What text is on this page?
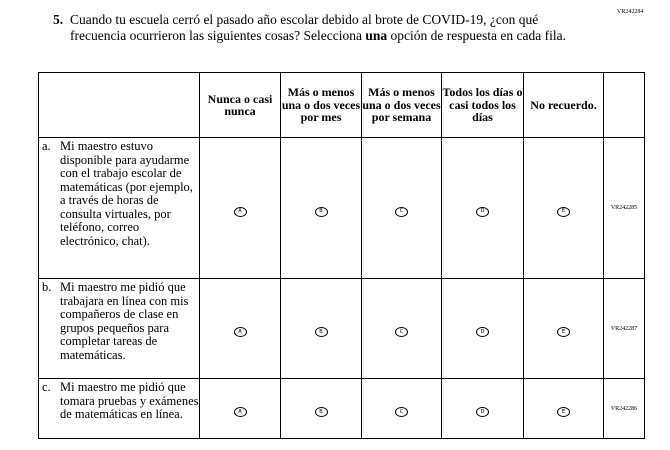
5. Cuando tu escuela cerró el pasado año escolar debido al brote de COVID-19, ¿con qué frecuencia ocurrieron las siguientes cosas? Selecciona una opción de respuesta en cada fila.
VR242284
	Nunca o casi nunca	Más o menos una o dos veces por mes	Más o menos una o dos veces por semana	Todos los días o casi todos los días	No recuerdo.	

a. Mi maestro estuvo disponible para ayudarme con el trabajo escolar de matemáticas (por ejemplo, a través de horas de consulta virtuales, por teléfono, correo electrónico, chat).	A	B	C	D	E	VR242285

b. Mi maestro me pidió que trabajara en línea con mis compañeros de clase en grupos pequeños para completar tareas de matemáticas.	A	B	C	D	E	VR242287

c. Mi maestro me pidió que tomara pruebas y exámenes de matemáticas en línea.	A	B	C	D	E	VR242286
